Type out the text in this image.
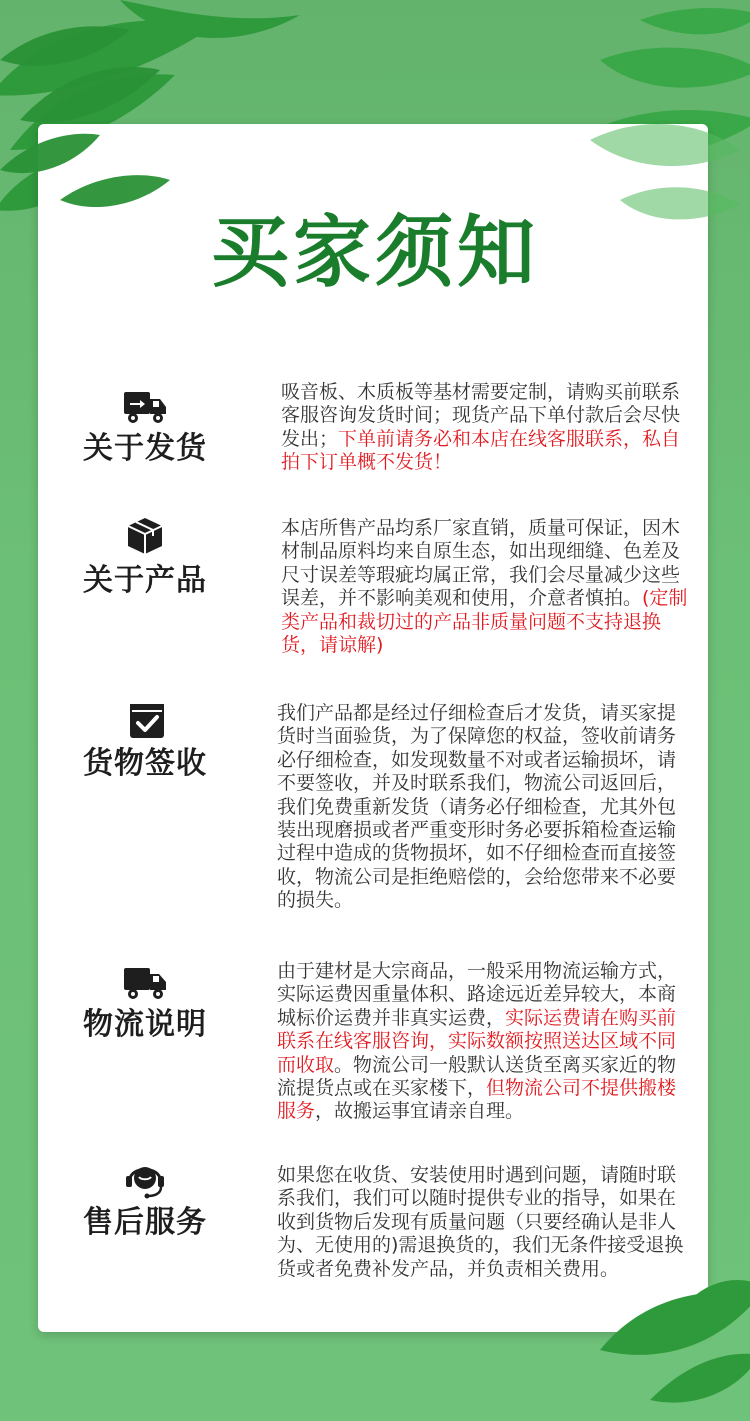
买家须知
关于发货

吸音板、木质板等基材需要定制，请购买前联系客服咨询发货时间；现货产品下单付款后会尽快发出；下单前请务必和本店在线客服联系，私自拍下订单概不发货！

关于产品

本店所售产品均系厂家直销，质量可保证，因木材制品原料均来自原生态，如出现细缝、色差及尺寸误差等瑕疵均属正常，我们会尽量减少这些误差，并不影响美观和使用，介意者慎拍。(定制类产品和裁切过的产品非质量问题不支持退换货，请谅解)

货物签收

我们产品都是经过仔细检查后才发货，请买家提货时当面验货，为了保障您的权益，签收前请务必仔细检查，如发现数量不对或者运输损坏，请不要签收，并及时联系我们，物流公司返回后，我们免费重新发货（请务必仔细检查，尤其外包装出现磨损或者严重变形时务必要拆箱检查运输过程中造成的货物损坏，如不仔细检查而直接签收，物流公司是拒绝赔偿的，会给您带来不必要的损失。

物流说明

由于建材是大宗商品，一般采用物流运输方式，实际运费因重量体积、路途远近差异较大，本商城标价运费并非真实运费，实际运费请在购买前联系在线客服咨询，实际数额按照送达区域不同而收取。物流公司一般默认送货至离买家近的物流提货点或在买家楼下，但物流公司不提供搬楼服务，故搬运事宜请亲自理。

售后服务

如果您在收货、安装使用时遇到问题，请随时联系我们，我们可以随时提供专业的指导，如果在收到货物后发现有质量问题（只要经确认是非人为、无使用的)需退换货的，我们无条件接受退换货或者免费补发产品，并负责相关费用。
